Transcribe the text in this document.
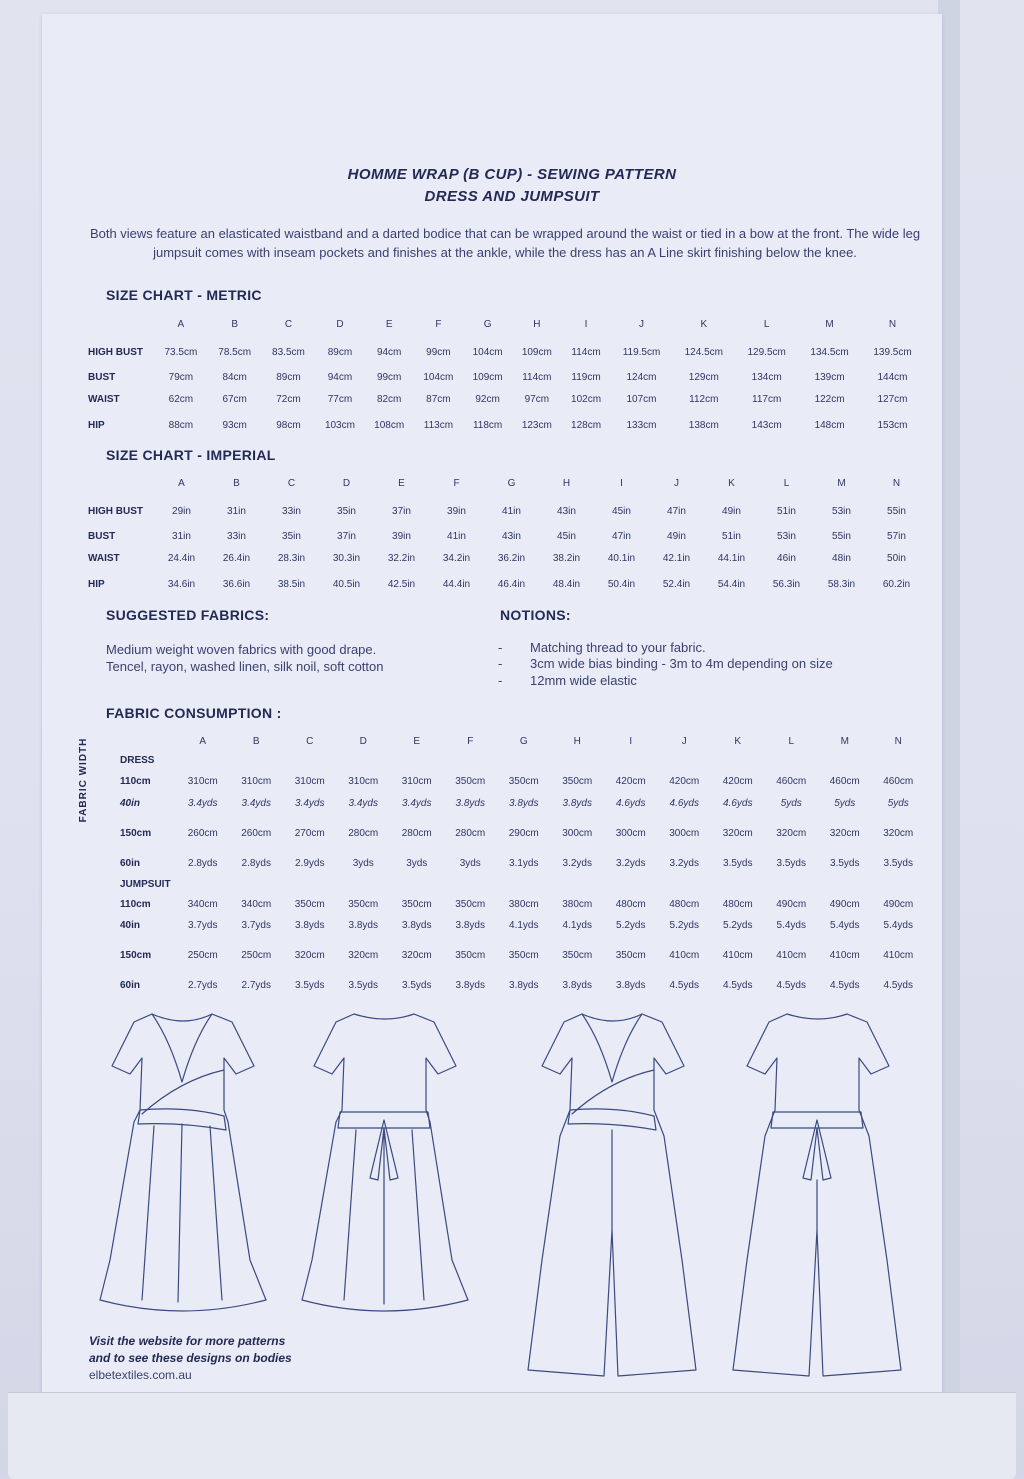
HOMME WRAP (B CUP) - SEWING PATTERN
DRESS AND JUMPSUIT
Both views feature an elasticated waistband and a darted bodice that can be wrapped around the waist or tied in a bow at the front. The wide leg jumpsuit comes with inseam pockets and finishes at the ankle, while the dress has an A Line skirt finishing below the knee.
SIZE CHART - METRIC
	A	B	C	D	E	F	G	H	I	J	K	L	M	N
HIGH BUST	73.5cm	78.5cm	83.5cm	89cm	94cm	99cm	104cm	109cm	114cm	119.5cm	124.5cm	129.5cm	134.5cm	139.5cm
BUST	79cm	84cm	89cm	94cm	99cm	104cm	109cm	114cm	119cm	124cm	129cm	134cm	139cm	144cm
WAIST	62cm	67cm	72cm	77cm	82cm	87cm	92cm	97cm	102cm	107cm	112cm	117cm	122cm	127cm
HIP	88cm	93cm	98cm	103cm	108cm	113cm	118cm	123cm	128cm	133cm	138cm	143cm	148cm	153cm
SIZE CHART - IMPERIAL
	A	B	C	D	E	F	G	H	I	J	K	L	M	N
HIGH BUST	29in	31in	33in	35in	37in	39in	41in	43in	45in	47in	49in	51in	53in	55in
BUST	31in	33in	35in	37in	39in	41in	43in	45in	47in	49in	51in	53in	55in	57in
WAIST	24.4in	26.4in	28.3in	30.3in	32.2in	34.2in	36.2in	38.2in	40.1in	42.1in	44.1in	46in	48in	50in
HIP	34.6in	36.6in	38.5in	40.5in	42.5in	44.4in	46.4in	48.4in	50.4in	52.4in	54.4in	56.3in	58.3in	60.2in
SUGGESTED FABRICS:
Medium weight woven fabrics with good drape.
Tencel, rayon, washed linen, silk noil, soft cotton
NOTIONS:
- Matching thread to your fabric.
- 3cm wide bias binding - 3m to 4m depending on size
- 12mm wide elastic
FABRIC CONSUMPTION :
FABRIC WIDTH
		A	B	C	D	E	F	G	H	I	J	K	L	M	N
DRESS														
110cm	310cm	310cm	310cm	310cm	310cm	350cm	350cm	350cm	420cm	420cm	420cm	460cm	460cm	460cm
40in	3.4yds	3.4yds	3.4yds	3.4yds	3.4yds	3.8yds	3.8yds	3.8yds	4.6yds	4.6yds	4.6yds	5yds	5yds	5yds
150cm	260cm	260cm	270cm	280cm	280cm	280cm	290cm	300cm	300cm	300cm	320cm	320cm	320cm	320cm
60in	2.8yds	2.8yds	2.9yds	3yds	3yds	3yds	3.1yds	3.2yds	3.2yds	3.2yds	3.5yds	3.5yds	3.5yds	3.5yds
JUMPSUIT														
110cm	340cm	340cm	350cm	350cm	350cm	350cm	380cm	380cm	480cm	480cm	480cm	490cm	490cm	490cm
40in	3.7yds	3.7yds	3.8yds	3.8yds	3.8yds	3.8yds	4.1yds	4.1yds	5.2yds	5.2yds	5.2yds	5.4yds	5.4yds	5.4yds
150cm	250cm	250cm	320cm	320cm	320cm	350cm	350cm	350cm	350cm	410cm	410cm	410cm	410cm	410cm
60in	2.7yds	2.7yds	3.5yds	3.5yds	3.5yds	3.8yds	3.8yds	3.8yds	3.8yds	4.5yds	4.5yds	4.5yds	4.5yds	4.5yds
Visit the website for more patterns
and to see these designs on bodies
elbetextiles.com.au
